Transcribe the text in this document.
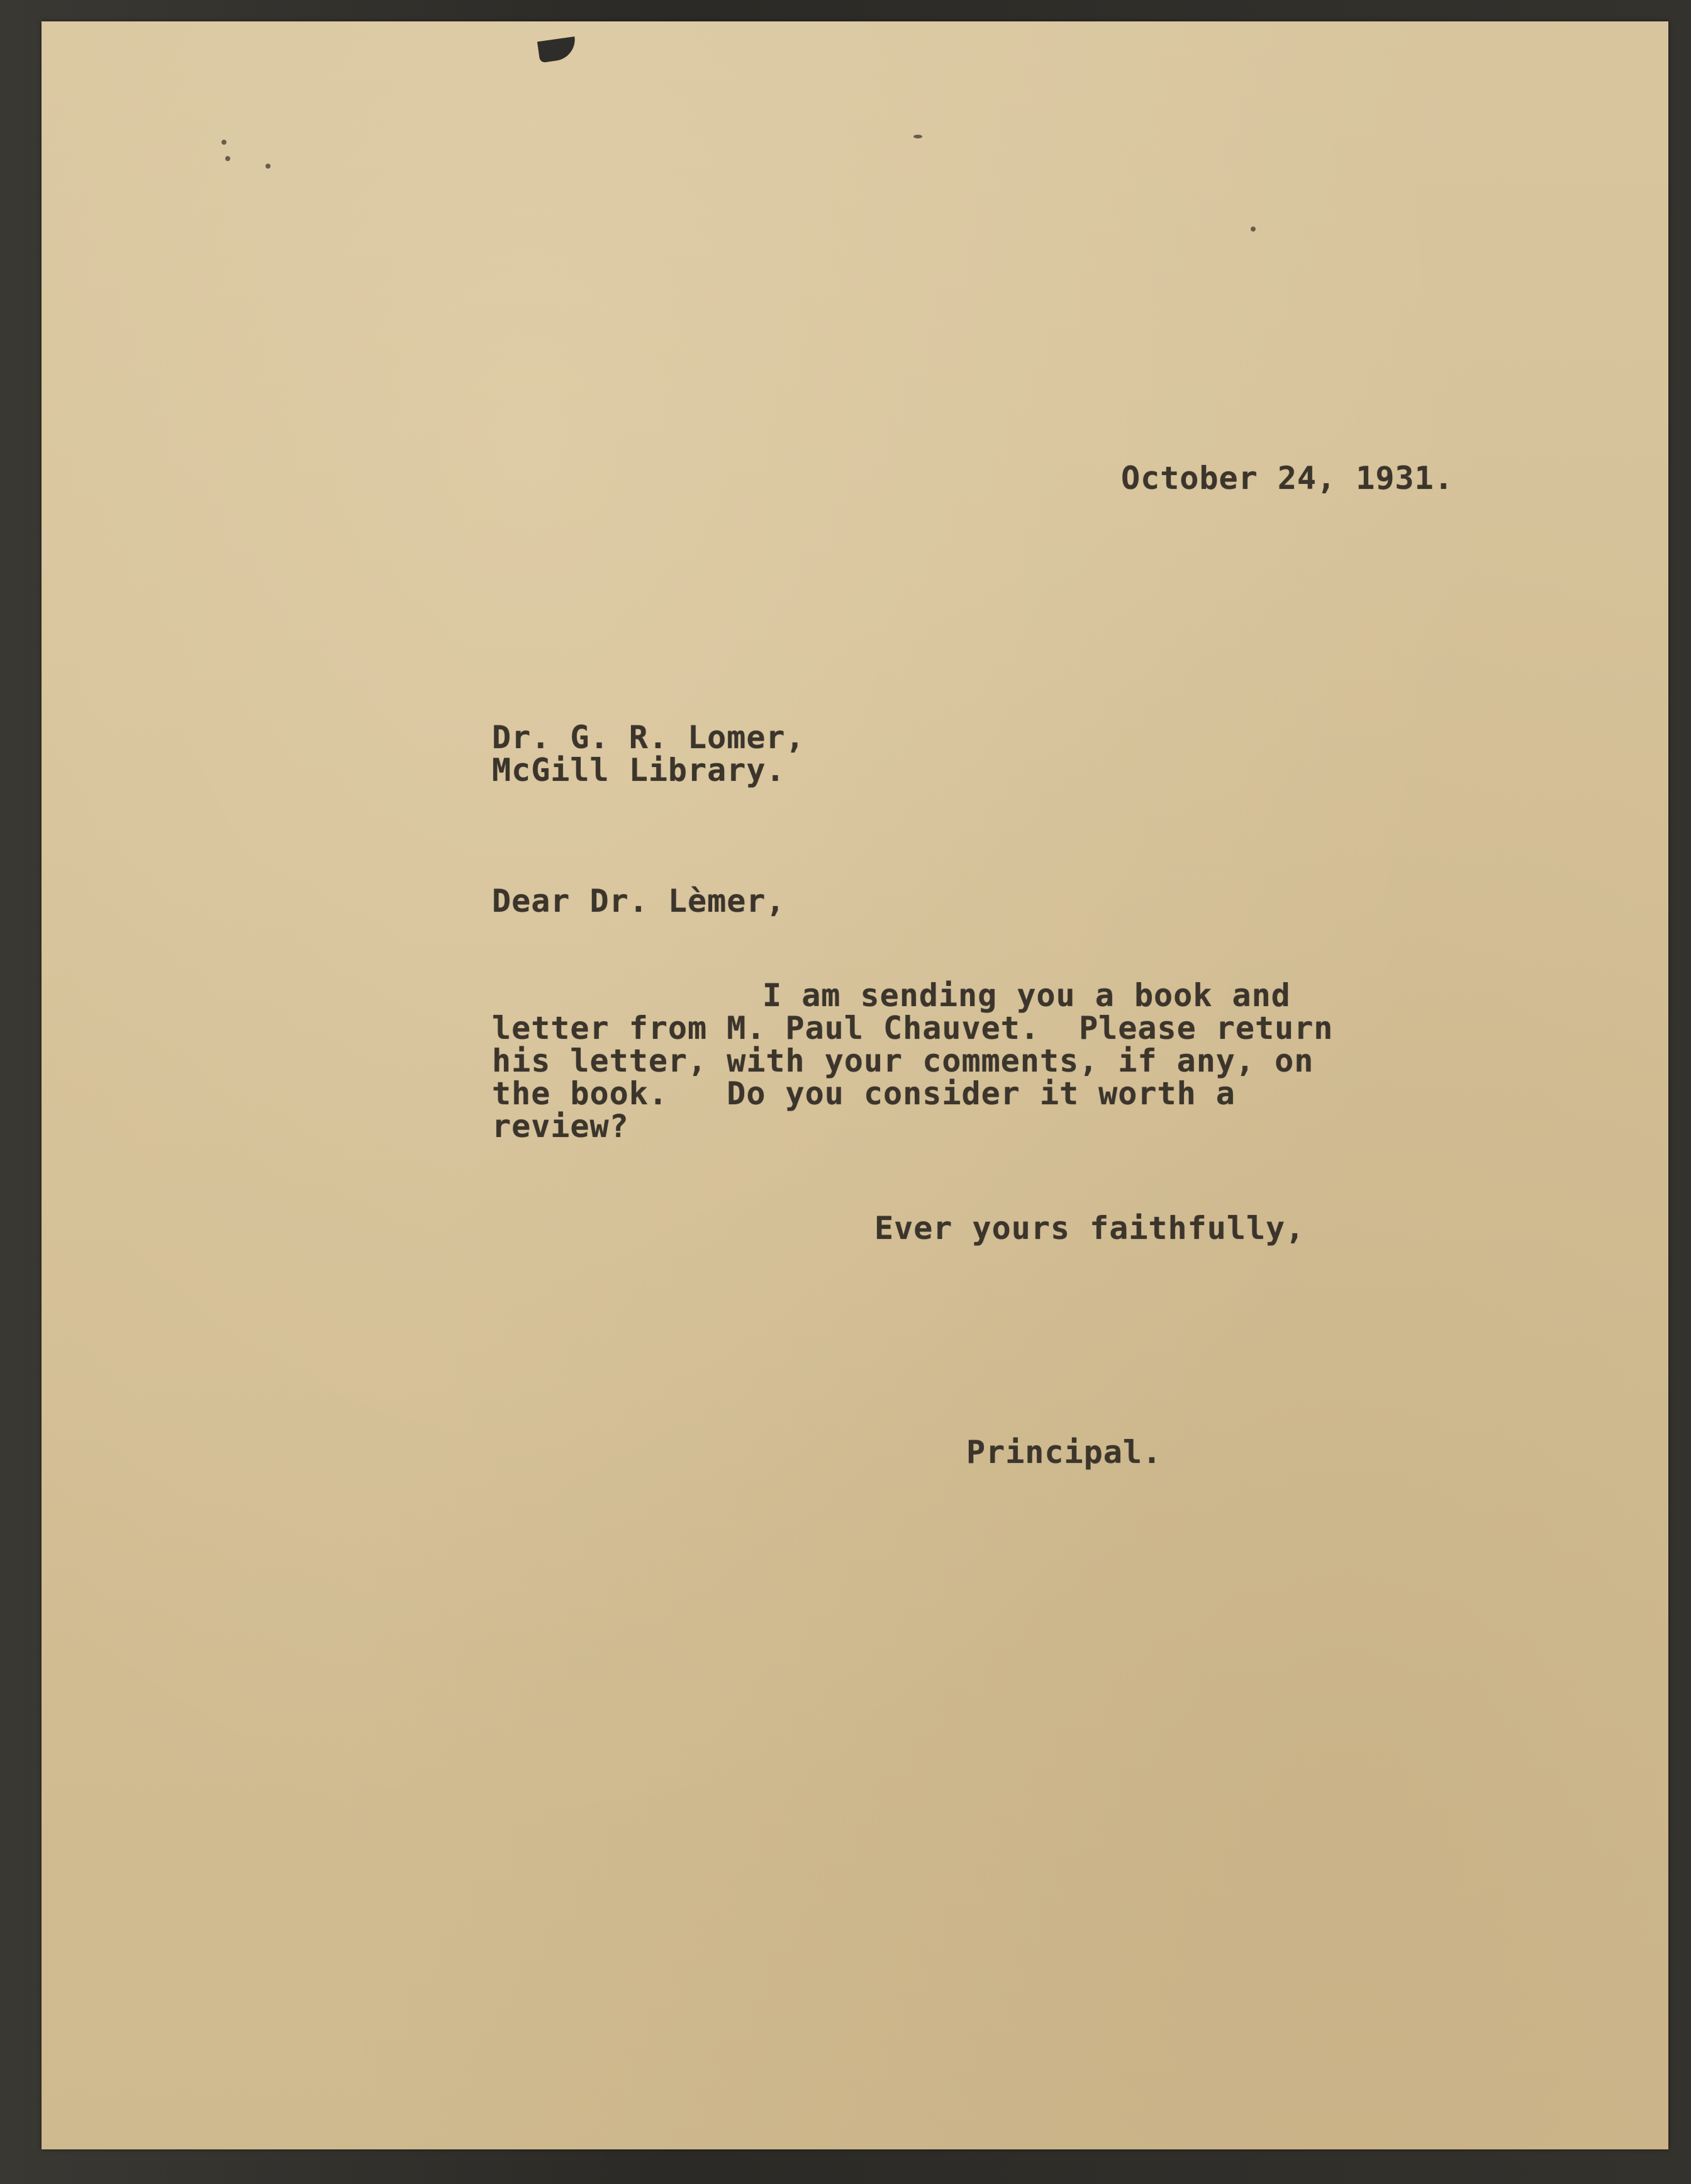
October 24, 1931.

Dr. G. R. Lomer,

McGill Library.

Dear Dr. Lèmer,

I am sending you a book and

letter from M. Paul Chauvet.  Please return

his letter, with your comments, if any, on

the book.   Do you consider it worth a

review?

Ever yours faithfully,

Principal.
